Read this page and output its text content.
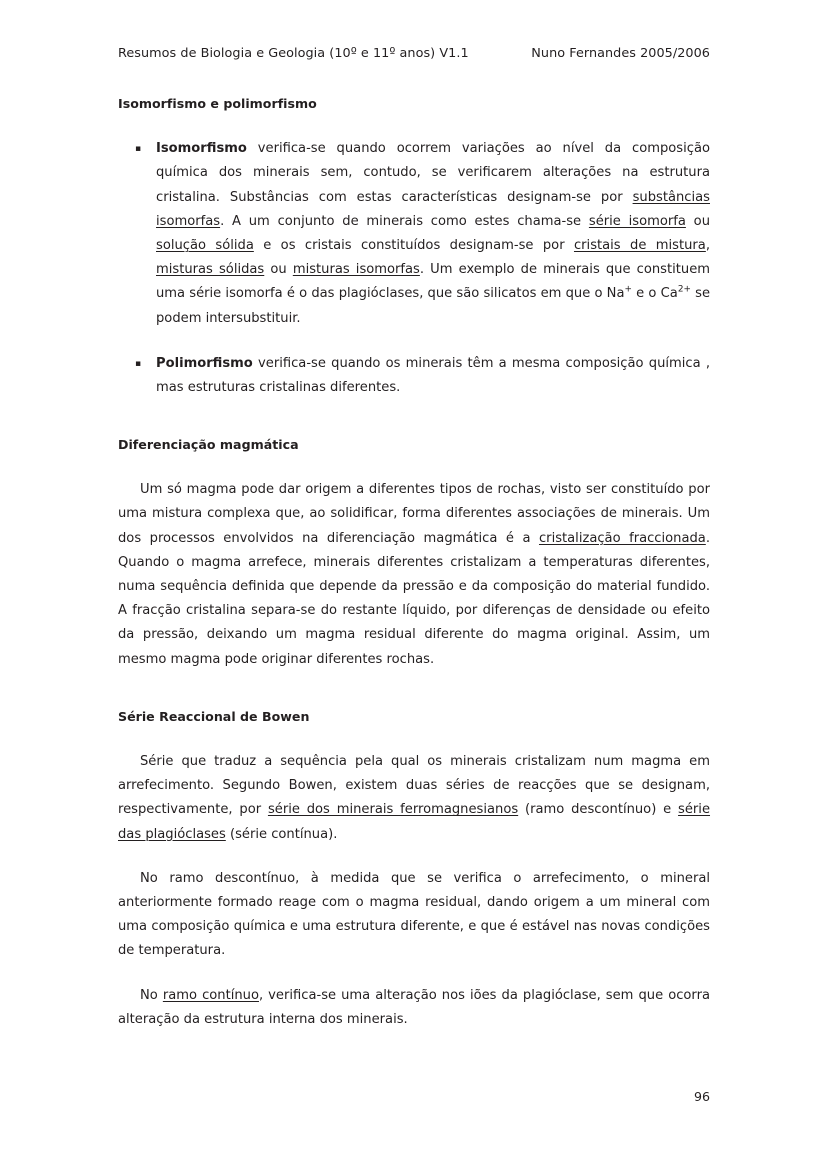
Resumos de Biologia e Geologia (10º e 11º anos) V1.1	Nuno Fernandes 2005/2006
Isomorfismo e polimorfismo
▪ Isomorfismo verifica-se quando ocorrem variações ao nível da composição química dos minerais sem, contudo, se verificarem alterações na estrutura cristalina. Substâncias com estas características designam-se por substâncias isomorfas. A um conjunto de minerais como estes chama-se série isomorfa ou solução sólida e os cristais constituídos designam-se por cristais de mistura, misturas sólidas ou misturas isomorfas. Um exemplo de minerais que constituem uma série isomorfa é o das plagióclases, que são silicatos em que o Na+ e o $Ca^{2+}$ se podem intersubstituir.
▪ Polimorfismo verifica-se quando os minerais têm a mesma composição química , mas estruturas cristalinas diferentes.
Diferenciação magmática

Um só magma pode dar origem a diferentes tipos de rochas, visto ser constituído por uma mistura complexa que, ao solidificar, forma diferentes associações de minerais. Um dos processos envolvidos na diferenciação magmática é a cristalização fraccionada. Quando o magma arrefece, minerais diferentes cristalizam a temperaturas diferentes, numa sequência definida que depende da pressão e da composição do material fundido. A fracção cristalina separa-se do restante líquido, por diferenças de densidade ou efeito da pressão, deixando um magma residual diferente do magma original. Assim, um mesmo magma pode originar diferentes rochas.

Série Reaccional de Bowen

Série que traduz a sequência pela qual os minerais cristalizam num magma em arrefecimento. Segundo Bowen, existem duas séries de reacções que se designam, respectivamente, por série dos minerais ferromagnesianos (ramo descontínuo) e série das plagióclases (série contínua).

No ramo descontínuo, à medida que se verifica o arrefecimento, o mineral anteriormente formado reage com o magma residual, dando origem a um mineral com uma composição química e uma estrutura diferente, e que é estável nas novas condições de temperatura.

No ramo contínuo, verifica-se uma alteração nos iões da plagióclase, sem que ocorra alteração da estrutura interna dos minerais.

96
